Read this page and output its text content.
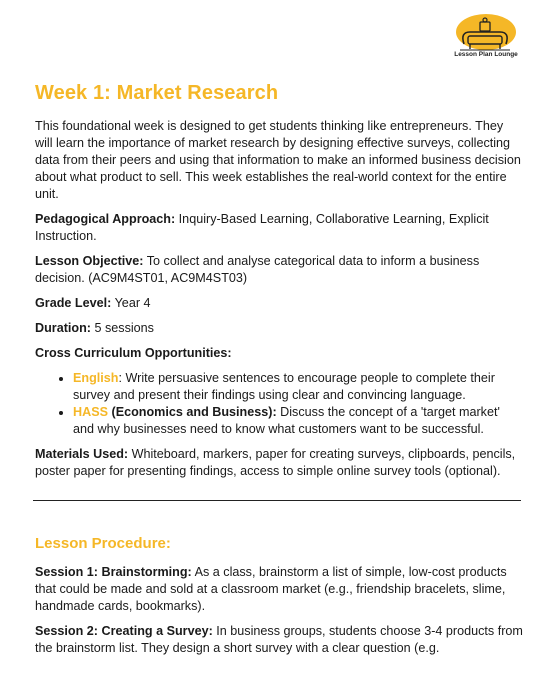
Lesson Plan Lounge
Week 1: Market Research

This foundational week is designed to get students thinking like entrepreneurs. They will learn the importance of market research by designing effective surveys, collecting data from their peers and using that information to make an informed business decision about what product to sell. This week establishes the real-world context for the entire unit.

Pedagogical Approach: Inquiry-Based Learning, Collaborative Learning, Explicit Instruction.

Lesson Objective: To collect and analyse categorical data to inform a business decision. (AC9M4ST01, AC9M4ST03)

Grade Level: Year 4

Duration: 5 sessions

Cross Curriculum Opportunities:

• English: Write persuasive sentences to encourage people to complete their survey and present their findings using clear and convincing language.
• HASS (Economics and Business): Discuss the concept of a 'target market' and why businesses need to know what customers want to be successful.

Materials Used: Whiteboard, markers, paper for creating surveys, clipboards, pencils, poster paper for presenting findings, access to simple online survey tools (optional).

Lesson Procedure:

Session 1: Brainstorming: As a class, brainstorm a list of simple, low-cost products that could be made and sold at a classroom market (e.g., friendship bracelets, slime, handmade cards, bookmarks).

Session 2: Creating a Survey: In business groups, students choose 3-4 products from the brainstorm list. They design a short survey with a clear question (e.g.
